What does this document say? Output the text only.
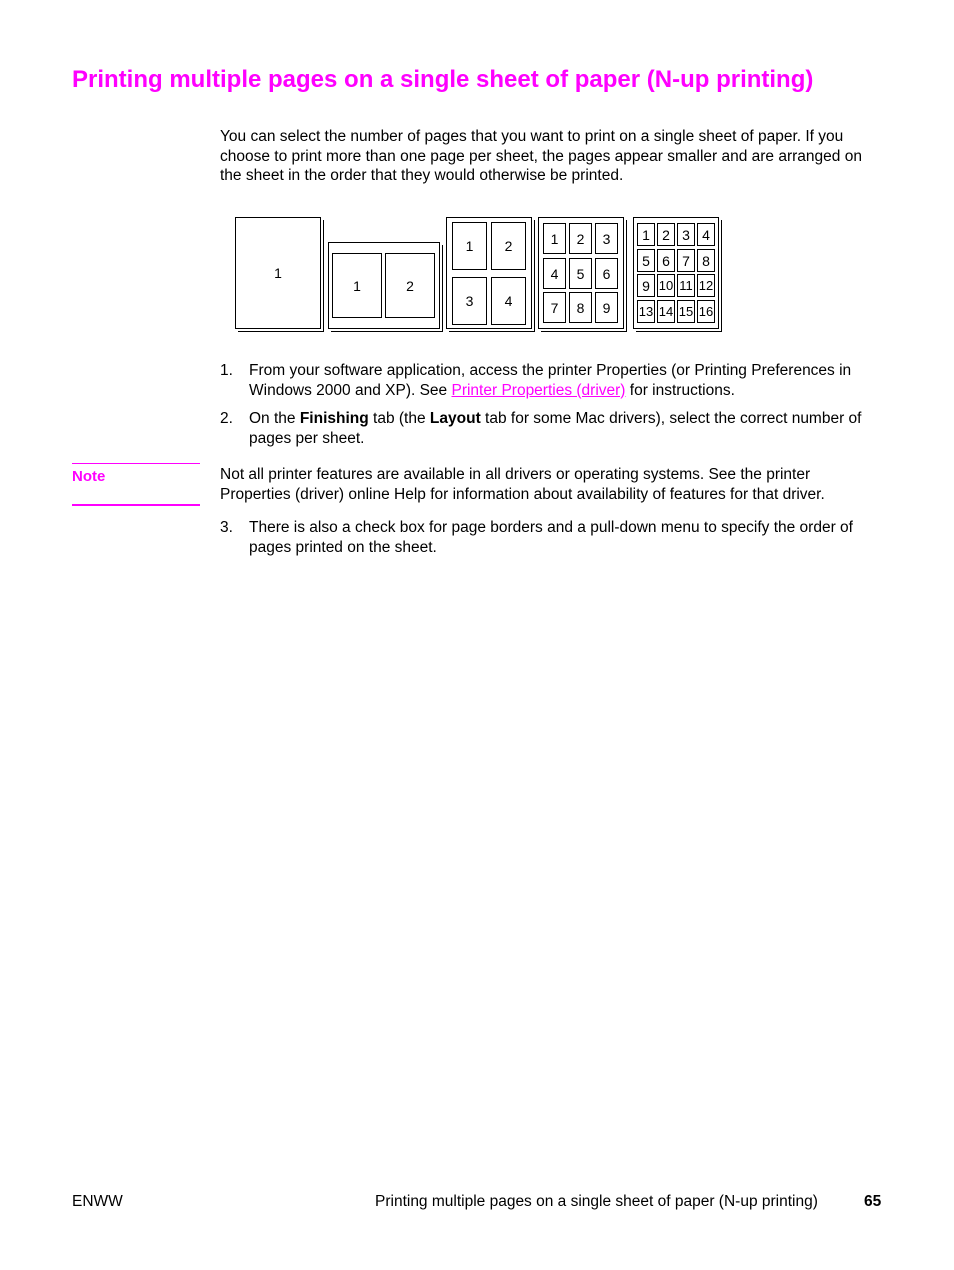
Printing multiple pages on a single sheet of paper (N-up printing)
You can select the number of pages that you want to print on a single sheet of paper. If you choose to print more than one page per sheet, the pages appear smaller and are arranged on the sheet in the order that they would otherwise be printed.
1
1	2
1	2
3	4
1	2	3
4	5	6
7	8	9
1 2 3 4
5 6 7 8
9 10 11 12
13 14 15 16
1.	From your software application, access the printer Properties (or Printing Preferences in Windows 2000 and XP). See Printer Properties (driver) for instructions.
2.	On the Finishing tab (the Layout tab for some Mac drivers), select the correct number of pages per sheet.
Note	Not all printer features are available in all drivers or operating systems. See the printer Properties (driver) online Help for information about availability of features for that driver.
3.	There is also a check box for page borders and a pull-down menu to specify the order of pages printed on the sheet.
ENWW	Printing multiple pages on a single sheet of paper (N-up printing)	65
